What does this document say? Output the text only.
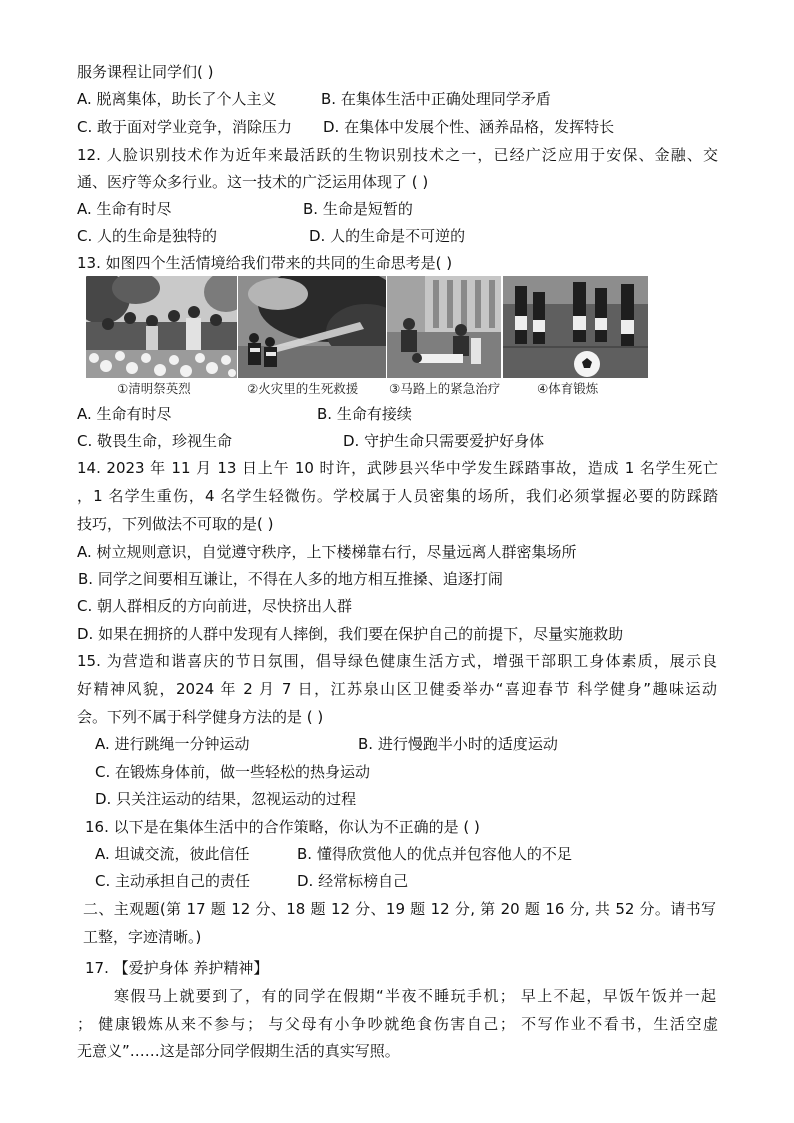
服务课程让同学们( )
A. 脱离集体，助长了个人主义	B. 在集体生活中正确处理同学矛盾
C. 敢于面对学业竞争，消除压力 D. 在集体中发展个性、涵养品格，发挥特长
12. 人脸识别技术作为近年来最活跃的生物识别技术之一，已经广泛应用于安保、金融、交
通、医疗等众多行业。这一技术的广泛运用体现了 ( )
A. 生命有时尽	B. 生命是短暂的
C. 人的生命是独特的	D. 人的生命是不可逆的
13. 如图四个生活情境给我们带来的共同的生命思考是( )
①清明祭英烈	②火灾里的生死救援 ③马路上的紧急治疗	④体育锻炼
A. 生命有时尽	B. 生命有接续
C. 敬畏生命，珍视生命	D. 守护生命只需要爱护好身体
14. 2023 年 11 月 13 日上午 10 时许，武陟县兴华中学发生踩踏事故，造成 1 名学生死亡
，1 名学生重伤，4 名学生轻微伤。学校属于人员密集的场所，我们必须掌握必要的防踩踏
技巧，下列做法不可取的是( )
A. 树立规则意识，自觉遵守秩序，上下楼梯靠右行，尽量远离人群密集场所
B. 同学之间要相互谦让，不得在人多的地方相互推搡、追逐打闹
C. 朝人群相反的方向前进，尽快挤出人群
D. 如果在拥挤的人群中发现有人摔倒，我们要在保护自己的前提下，尽量实施救助
15. 为营造和谐喜庆的节日氛围，倡导绿色健康生活方式，增强干部职工身体素质，展示良
好精神风貌，2024 年 2 月 7 日，江苏泉山区卫健委举办“喜迎春节 科学健身”趣味运动
会。下列不属于科学健身方法的是 ( )
A. 进行跳绳一分钟运动	B. 进行慢跑半小时的适度运动
C. 在锻炼身体前，做一些轻松的热身运动
D. 只关注运动的结果，忽视运动的过程
16. 以下是在集体生活中的合作策略，你认为不正确的是 ( )
A. 坦诚交流，彼此信任	B. 懂得欣赏他人的优点并包容他人的不足
C. 主动承担自己的责任	D. 经常标榜自己
二、主观题(第 17 题 12 分、18 题 12 分、19 题 12 分, 第 20 题 16 分, 共 52 分。请书写
工整，字迹清晰。)
17. 【爱护身体 养护精神】
寒假马上就要到了，有的同学在假期“半夜不睡玩手机； 早上不起，早饭午饭并一起
； 健康锻炼从来不参与； 与父母有小争吵就绝食伤害自己； 不写作业不看书，生活空虚
无意义”……这是部分同学假期生活的真实写照。
